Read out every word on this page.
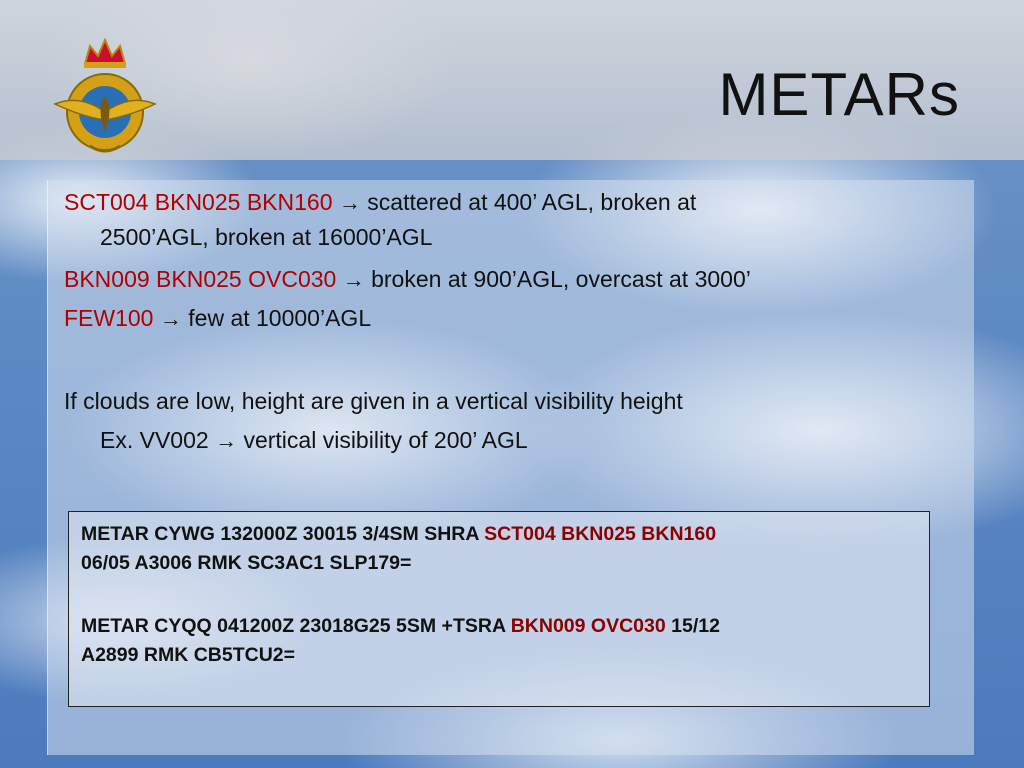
METARs
SCT004 BKN025 BKN160 → scattered at 400’ AGL, broken at
2500’AGL, broken at 16000’AGL
BKN009 BKN025 OVC030 → broken at 900’AGL, overcast at 3000’
FEW100 → few at 10000’AGL
If clouds are low, height are given in a vertical visibility height
Ex. VV002 → vertical visibility of 200’ AGL
METAR CYWG 132000Z 30015 3/4SM SHRA SCT004 BKN025 BKN160
06/05 A3006 RMK SC3AC1 SLP179=
METAR CYQQ 041200Z 23018G25 5SM +TSRA BKN009 OVC030 15/12
A2899 RMK CB5TCU2=
